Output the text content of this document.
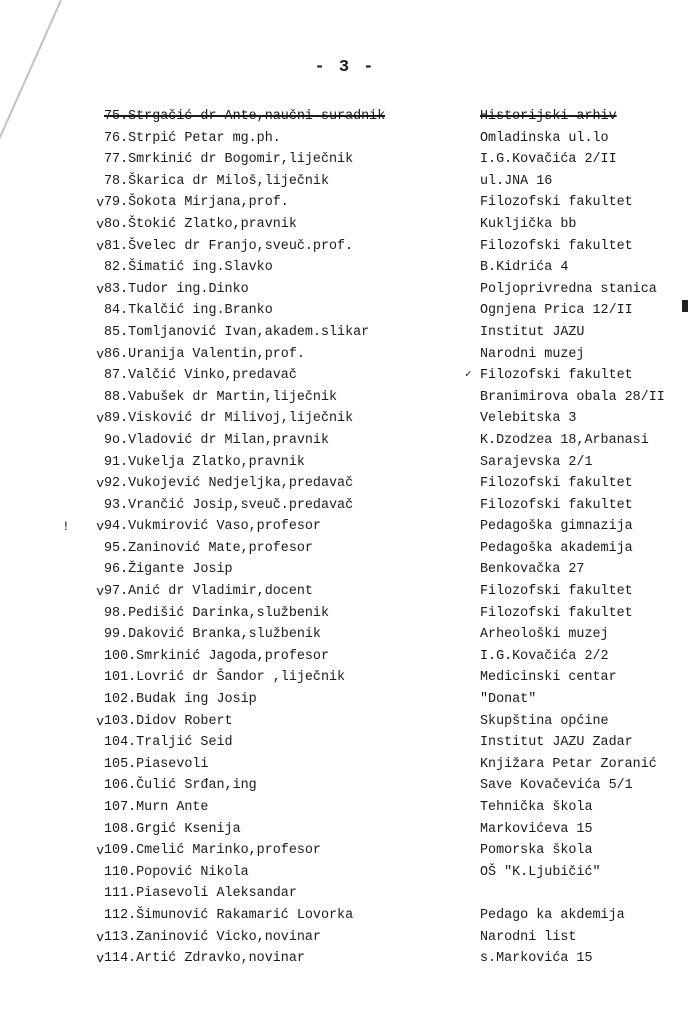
- 3 -
75.Strgačić dr Ante,naučni suradnik	Historijski arhiv
76.Strpić Petar mg.ph.	Omladinska ul.lo
77.Smrkinić dr Bogomir,liječnik	I.G.Kovačića 2/II
78.Škarica dr Miloš,liječnik	ul.JNA 16
v 79.Šokota Mirjana,prof.	Filozofski fakultet
v 8o.Štokić Zlatko,pravnik	Kukljička bb
v 81.Švelec dr Franjo,sveuč.prof.	Filozofski fakultet
82.Šimatić ing.Slavko	B.Kidrića 4
v 83.Tudor ing.Dinko	Poljoprivredna stanica
84.Tkalčić ing.Branko	Ognjena Prica 12/II
85.Tomljanović Ivan,akadem.slikar	Institut JAZU
v 86.Uranija Valentin,prof.	Narodni muzej
87.Valčić Vinko,predavač	✓ Filozofski fakultet
88.Vabušek dr Martin,liječnik	Branimirova obala 28/II
v 89.Visković dr Milivoj,liječnik	Velebitska 3
9o.Vladović dr Milan,pravnik	K.Dzodzea 18,Arbanasi
91.Vukelja Zlatko,pravnik	Sarajevska 2/1
v 92.Vukojević Nedjeljka,predavač	Filozofski fakultet
93.Vrančić Josip,sveuč.predavač	Filozofski fakultet
v
!	94.Vukmirović Vaso,profesor	Pedagoška gimnazija
95.Zaninović Mate,profesor	Pedagoška akademija
96.Žigante Josip	Benkovačka 27
v 97.Anić dr Vladimir,docent	Filozofski fakultet
98.Pedišić Darinka,službenik	Filozofski fakultet
99.Daković Branka,službenik	Arheološki muzej
100.Smrkinić Jagoda,profesor	I.G.Kovačića 2/2
101.Lovrić dr Šandor ,liječnik	Medicinski centar
102.Budak ing Josip	"Donat"
v 103.Didov Robert	Skupština općine
104.Traljić Seid	Institut JAZU Zadar
105.Piasevoli	Knjižara Petar Zoranić
106.Čulić Srđan,ing	Save Kovačevića 5/1
107.Murn Ante	Tehnička škola
108.Grgić Ksenija	Markovićeva 15
v 109.Cmelić Marinko,profesor	Pomorska škola
110.Popović Nikola	OŠ "K.Ljubičić"
111.Piasevoli Aleksandar
112.Šimunović Rakamarić Lovorka	Pedago ka akdemija
v 113.Zaninović Vicko,novinar	Narodni list
v 114.Artić Zdravko,novinar	s.Markovića 15
